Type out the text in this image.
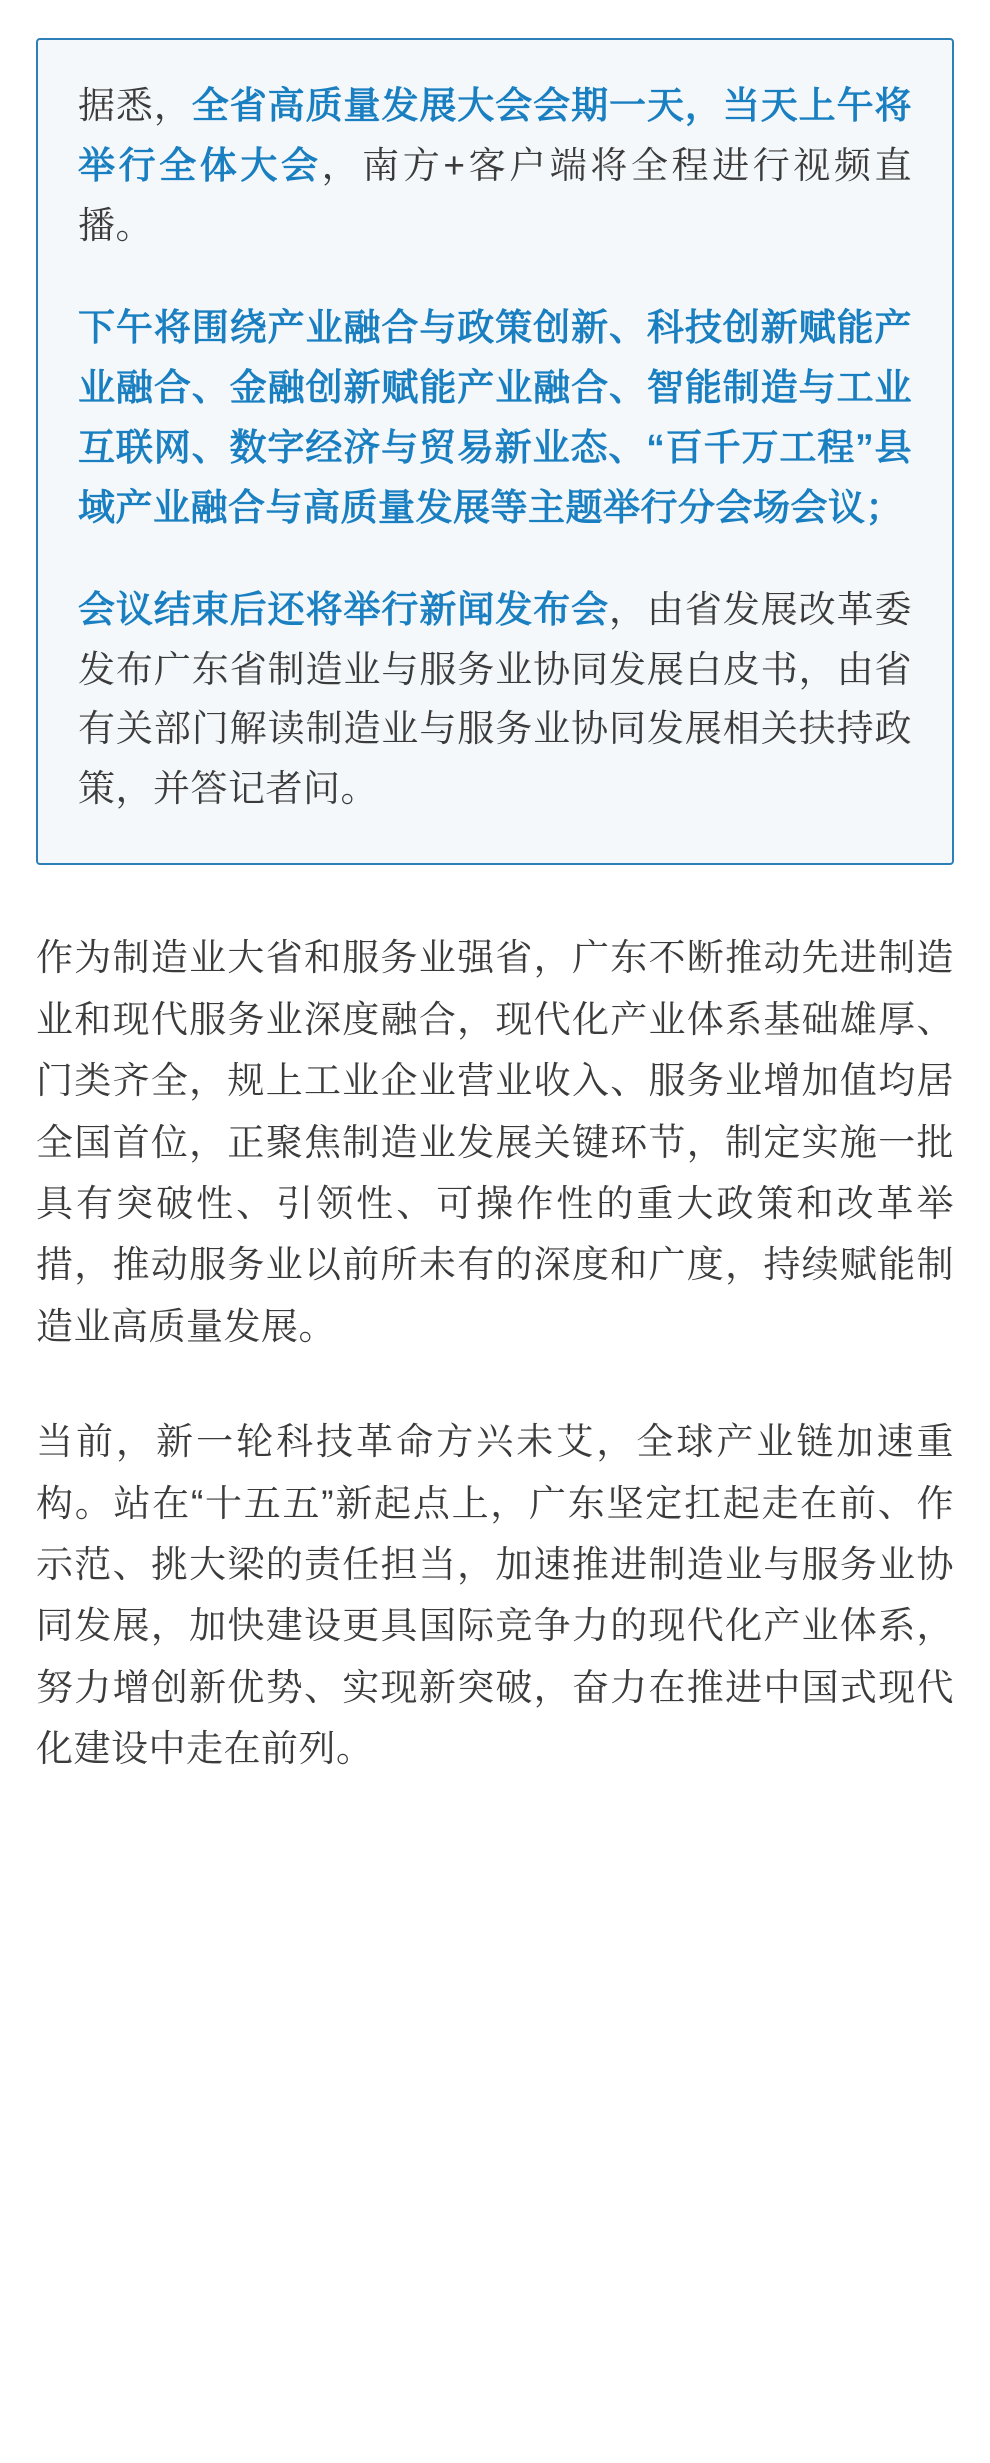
据悉，全省高质量发展大会会期一天，当天上午将举行全体大会，南方+客户端将全程进行视频直播。

下午将围绕产业融合与政策创新、科技创新赋能产业融合、金融创新赋能产业融合、智能制造与工业互联网、数字经济与贸易新业态、“百千万工程”县域产业融合与高质量发展等主题举行分会场会议；

会议结束后还将举行新闻发布会，由省发展改革委发布广东省制造业与服务业协同发展白皮书，由省有关部门解读制造业与服务业协同发展相关扶持政策，并答记者问。

作为制造业大省和服务业强省，广东不断推动先进制造业和现代服务业深度融合，现代化产业体系基础雄厚、门类齐全，规上工业企业营业收入、服务业增加值均居全国首位，正聚焦制造业发展关键环节，制定实施一批具有突破性、引领性、可操作性的重大政策和改革举措，推动服务业以前所未有的深度和广度，持续赋能制造业高质量发展。

当前，新一轮科技革命方兴未艾，全球产业链加速重构。站在“十五五”新起点上，广东坚定扛起走在前、作示范、挑大梁的责任担当，加速推进制造业与服务业协同发展，加快建设更具国际竞争力的现代化产业体系，努力增创新优势、实现新突破，奋力在推进中国式现代化建设中走在前列。
